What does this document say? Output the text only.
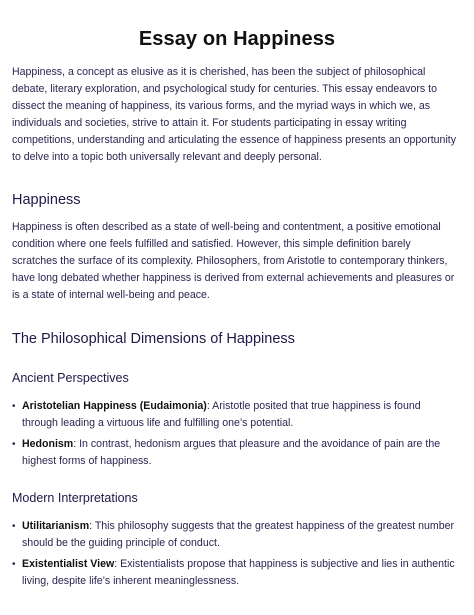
Essay on Happiness

Happiness, a concept as elusive as it is cherished, has been the subject of philosophical debate, literary exploration, and psychological study for centuries. This essay endeavors to dissect the meaning of happiness, its various forms, and the myriad ways in which we, as individuals and societies, strive to attain it. For students participating in essay writing competitions, understanding and articulating the essence of happiness presents an opportunity to delve into a topic both universally relevant and deeply personal.

Happiness

Happiness is often described as a state of well-being and contentment, a positive emotional condition where one feels fulfilled and satisfied. However, this simple definition barely scratches the surface of its complexity. Philosophers, from Aristotle to contemporary thinkers, have long debated whether happiness is derived from external achievements and pleasures or is a state of internal well-being and peace.

The Philosophical Dimensions of Happiness
Ancient Perspectives
• Aristotelian Happiness (Eudaimonia): Aristotle posited that true happiness is found through leading a virtuous life and fulfilling one’s potential.
• Hedonism: In contrast, hedonism argues that pleasure and the avoidance of pain are the highest forms of happiness.
Modern Interpretations
• Utilitarianism: This philosophy suggests that the greatest happiness of the greatest number should be the guiding principle of conduct.
• Existentialist View: Existentialists propose that happiness is subjective and lies in authentic living, despite life’s inherent meaninglessness.
